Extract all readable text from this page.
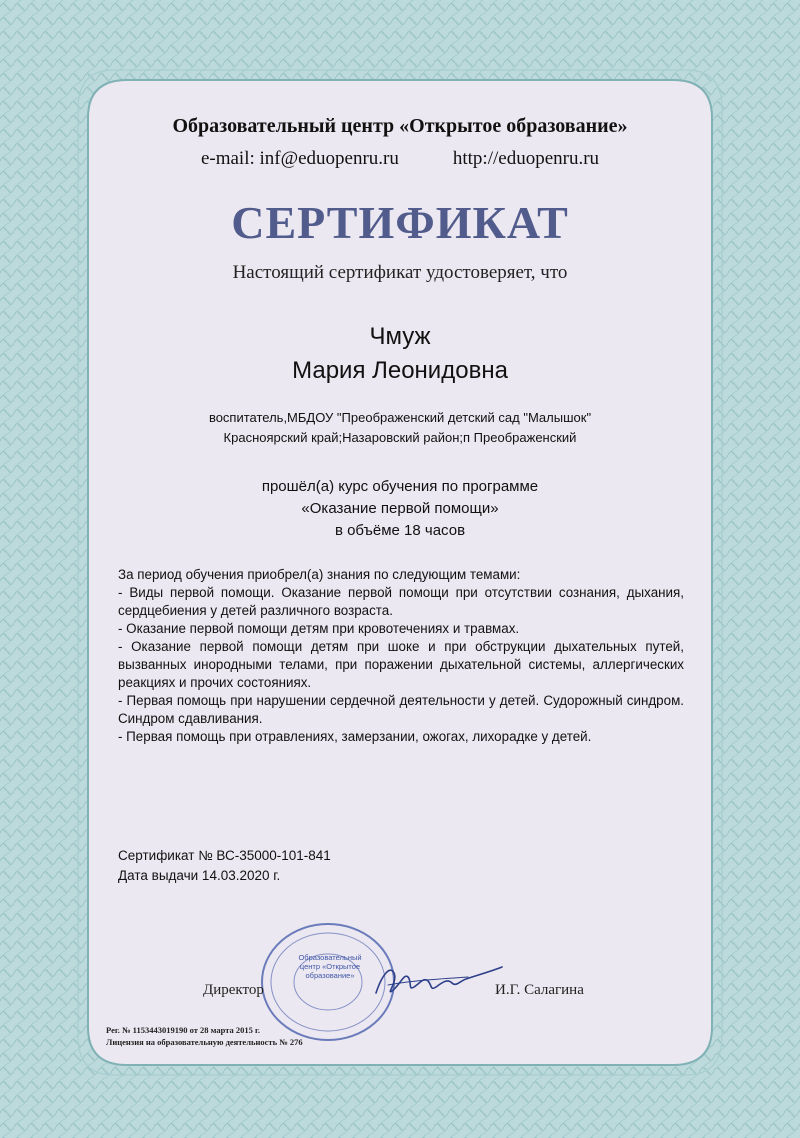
Образовательный центр «Открытое образование»
e-mail: inf@eduopenru.ru	http://eduopenru.ru
СЕРТИФИКАТ
Настоящий сертификат удостоверяет, что
Чмуж
Мария Леонидовна
воспитатель,МБДОУ "Преображенский детский сад "Малышок"
Красноярский край;Назаровский район;п Преображенский
прошёл(а) курс обучения по программе
«Оказание первой помощи»
в объёме 18 часов

За период обучения приобрел(а) знания по следующим темами:

- Виды первой помощи. Оказание первой помощи при отсутствии сознания, дыхания, сердцебиения у детей различного возраста.

- Оказание первой помощи детям при кровотечениях и травмах.

- Оказание первой помощи детям при шоке и при обструкции дыхательных путей, вызванных инородными телами, при поражении дыхательной системы, аллергических реакциях и прочих состояниях.

- Первая помощь при нарушении сердечной деятельности у детей. Судорожный синдром. Синдром сдавливания.

- Первая помощь при отравлениях, замерзании, ожогах, лихорадке у детей.

Сертификат № ВС-35000-101-841
Дата выдачи 14.03.2020 г.
Образовательный центр «Открытое образование»
Директор	И.Г. Салагина
Рег. № 1153443019190 от 28 марта 2015 г.
Лицензия на образовательную деятельность № 276
